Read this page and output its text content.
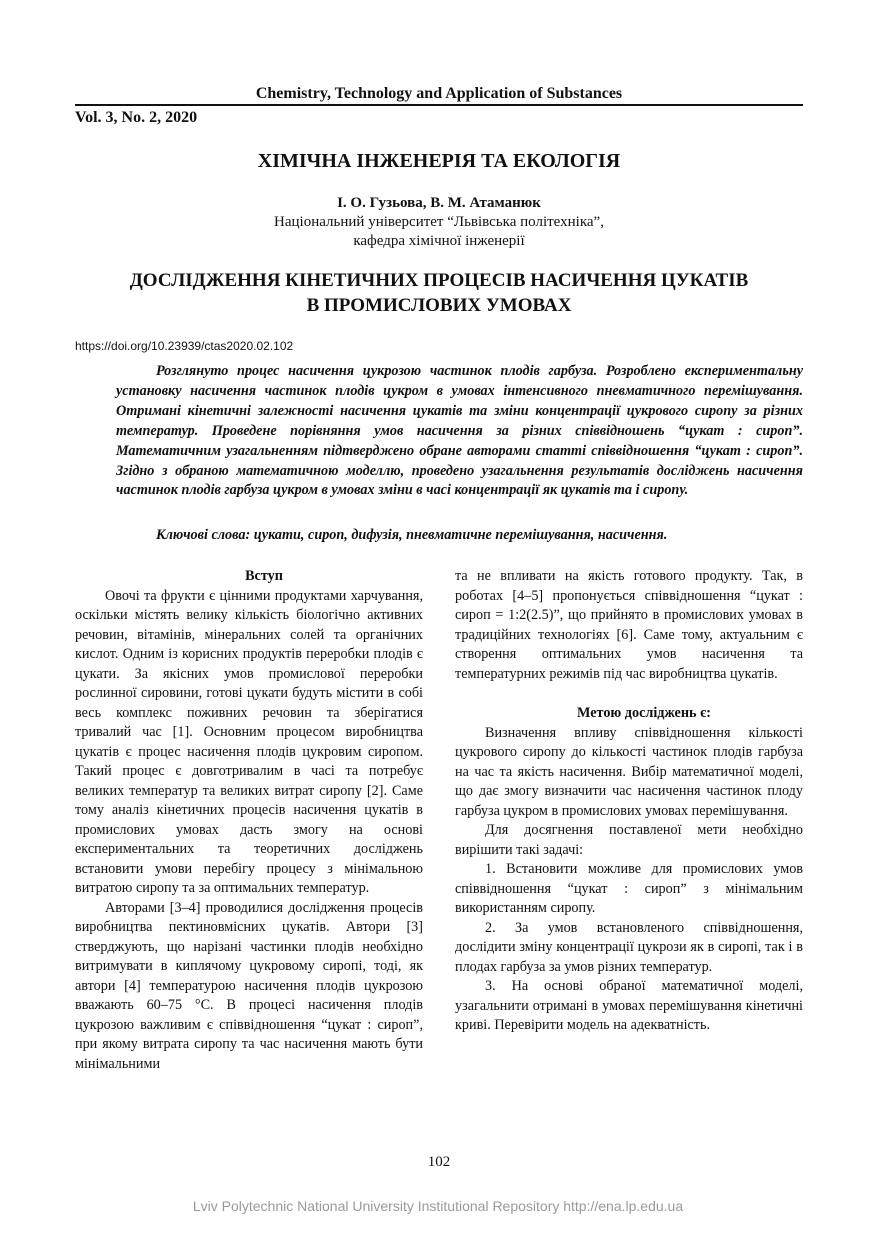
Chemistry, Technology and Application of Substances
Vol. 3, No. 2, 2020
ХІМІЧНА ІНЖЕНЕРІЯ ТА ЕКОЛОГІЯ
І. О. Гузьова, В. М. Атаманюк
Національний університет “Львівська політехніка”,
кафедра хімічної інженерії
ДОСЛІДЖЕННЯ КІНЕТИЧНИХ ПРОЦЕСІВ НАСИЧЕННЯ ЦУКАТІВ
В ПРОМИСЛОВИХ УМОВАХ
https://doi.org/10.23939/ctas2020.02.102

Розглянуто процес насичення цукрозою частинок плодів гарбуза. Розроблено експериментальну установку насичення частинок плодів цукром в умовах інтенсивного пневматичного перемішування. Отримані кінетичні залежності насичення цукатів та зміни концентрації цукрового сиропу за різних температур. Проведене порівняння умов насичення за різних співвідношень “цукат : сироп”. Математичним узагальненням підтверджено обране авторами статті співвідношення “цукат : сироп”. Згідно з обраною математичною моделлю, проведено узагальнення результатів досліджень насичення частинок плодів гарбуза цукром в умовах зміни в часі концентрації як цукатів та і сиропу.

Ключові слова: цукати, сироп, дифузія, пневматичне перемішування, насичення.

Вступ

Овочі та фрукти є цінними продуктами харчування, оскільки містять велику кількість біологічно активних речовин, вітамінів, мінеральних солей та органічних кислот. Одним із корисних продуктів переробки плодів є цукати. За якісних умов промислової переробки рослинної сировини, готові цукати будуть містити в собі весь комплекс поживних речовин та зберігатися тривалий час [1]. Основним процесом виробництва цукатів є процес насичення плодів цукровим сиропом. Такий процес є довготривалим в часі та потребує великих температур та великих витрат сиропу [2]. Саме тому аналіз кінетичних процесів насичення цукатів в промислових умовах дасть змогу на основі експериментальних та теоретичних досліджень встановити умови перебігу процесу з мінімальною витратою сиропу та за оптимальних температур.

Авторами [3–4] проводилися дослідження процесів виробництва пектиновмісних цукатів. Автори [3] стверджують, що нарізані частинки плодів необхідно витримувати в киплячому цукровому сиропі, тоді, як автори [4] температурою насичення плодів цукрозою вважають 60–75 °С. В процесі насичення плодів цукрозою важливим є співвідношення “цукат : сироп”, при якому витрата сиропу та час насичення мають бути мінімальними

та не впливати на якість готового продукту. Так, в роботах [4–5] пропонується співвідношення “цукат : сироп = 1:2(2.5)”, що прийнято в промислових умовах в традиційних технологіях [6]. Саме тому, актуальним є створення оптимальних умов насичення та температурних режимів під час виробництва цукатів.

Метою досліджень є:

Визначення впливу співвідношення кількості цукрового сиропу до кількості частинок плодів гарбуза на час та якість насичення. Вибір математичної моделі, що дає змогу визначити час насичення частинок плоду гарбуза цукром в промислових умовах перемішування.

Для досягнення поставленої мети необхідно вирішити такі задачі:

1. Встановити можливе для промислових умов співвідношення “цукат : сироп” з мінімальним використанням сиропу.

2. За умов встановленого співвідношення, дослідити зміну концентрації цукрози як в сиропі, так і в плодах гарбуза за умов різних температур.

3. На основі обраної математичної моделі, узагальнити отримані в умовах перемішування кінетичні криві. Перевірити модель на адекватність.

102
Lviv Polytechnic National University Institutional Repository http://ena.lp.edu.ua
